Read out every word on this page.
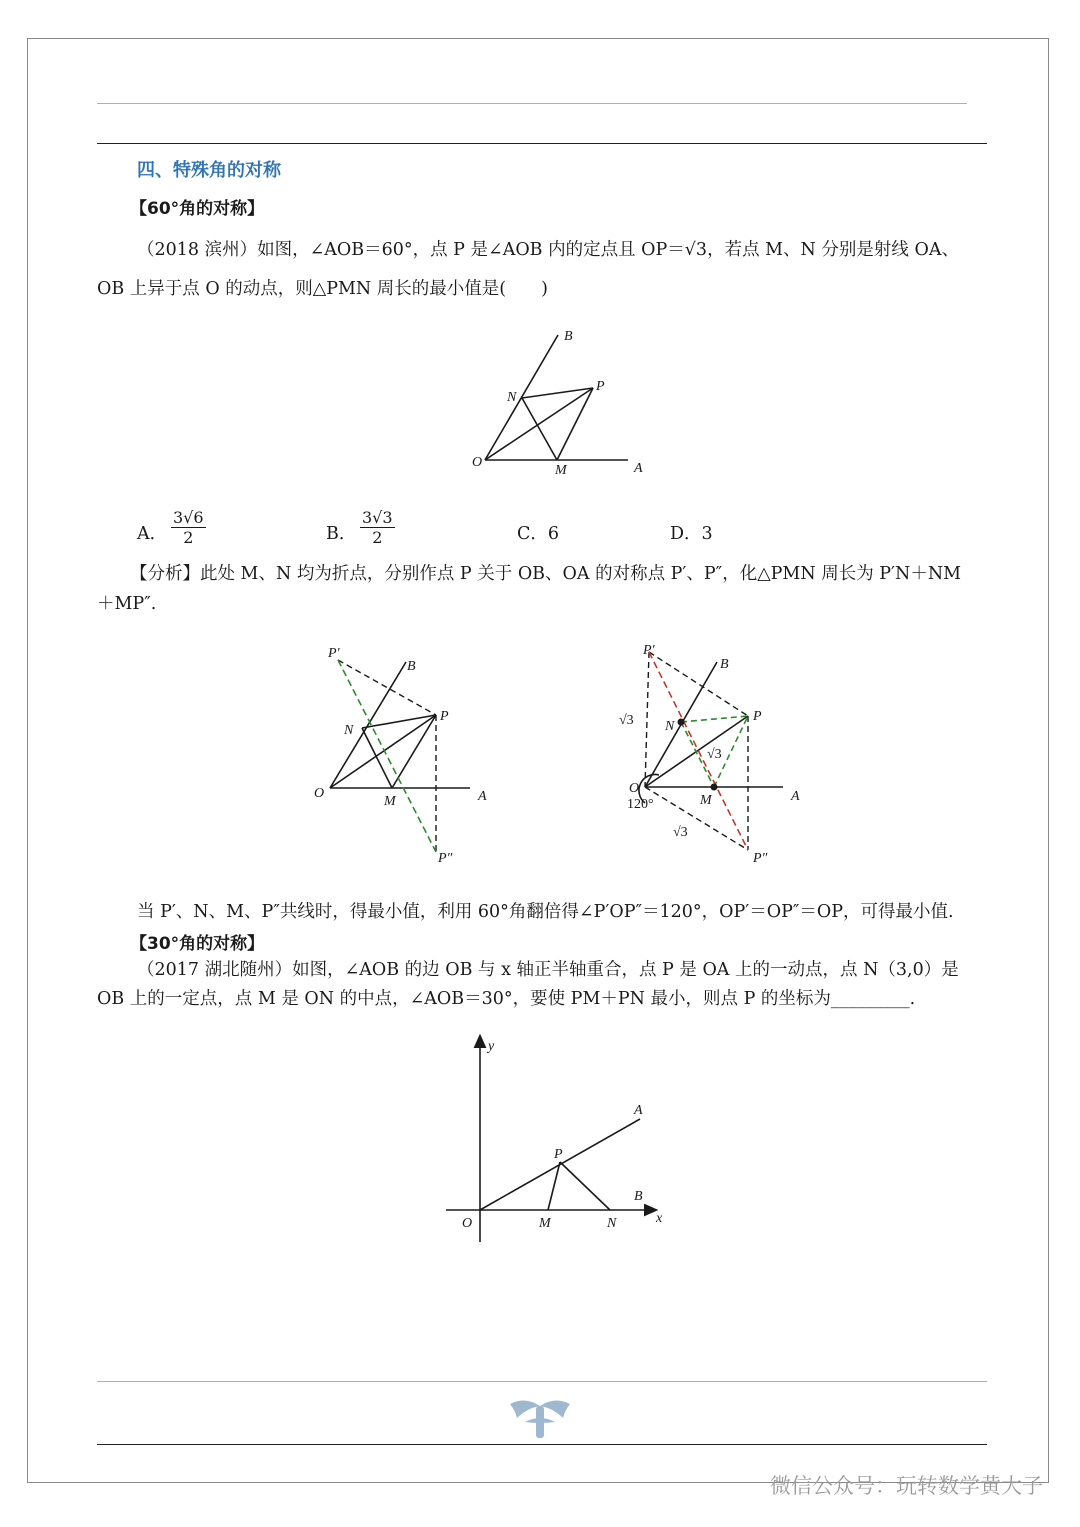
四、特殊角的对称
【60°角的对称】
（2018 滨州）如图，∠AOB＝60°，点 P 是∠AOB 内的定点且 OP＝√3，若点 M、N 分别是射线 OA、
OB 上异于点 O 的动点，则△PMN 周长的最小值是(　　)
B
P
N
O
M	A
A． $\frac{3√6}{2}$	B． $\frac{3√3}{2}$	C．6	D．3
【分析】此处 M、N 均为折点，分别作点 P 关于 OB、OA 的对称点 P′、P″，化△PMN 周长为 P′N＋NM
＋MP″.
P′
B
P
N
O
M	A
P″
P′
B
P
N
√3
√3
O
120°	M	A
√3
P″
当 P′、N、M、P″共线时，得最小值，利用 60°角翻倍得∠P′OP″＝120°，OP′＝OP″＝OP，可得最小值.
【30°角的对称】
（2017 湖北随州）如图，∠AOB 的边 OB 与 x 轴正半轴重合，点 P 是 OA 上的一动点，点 N（3,0）是
OB 上的一定点，点 M 是 ON 的中点，∠AOB＝30°，要使 PM＋PN 最小，则点 P 的坐标为_________.
y
A
P
B
O	M	N	x
微信公众号：玩转数学黄大子
